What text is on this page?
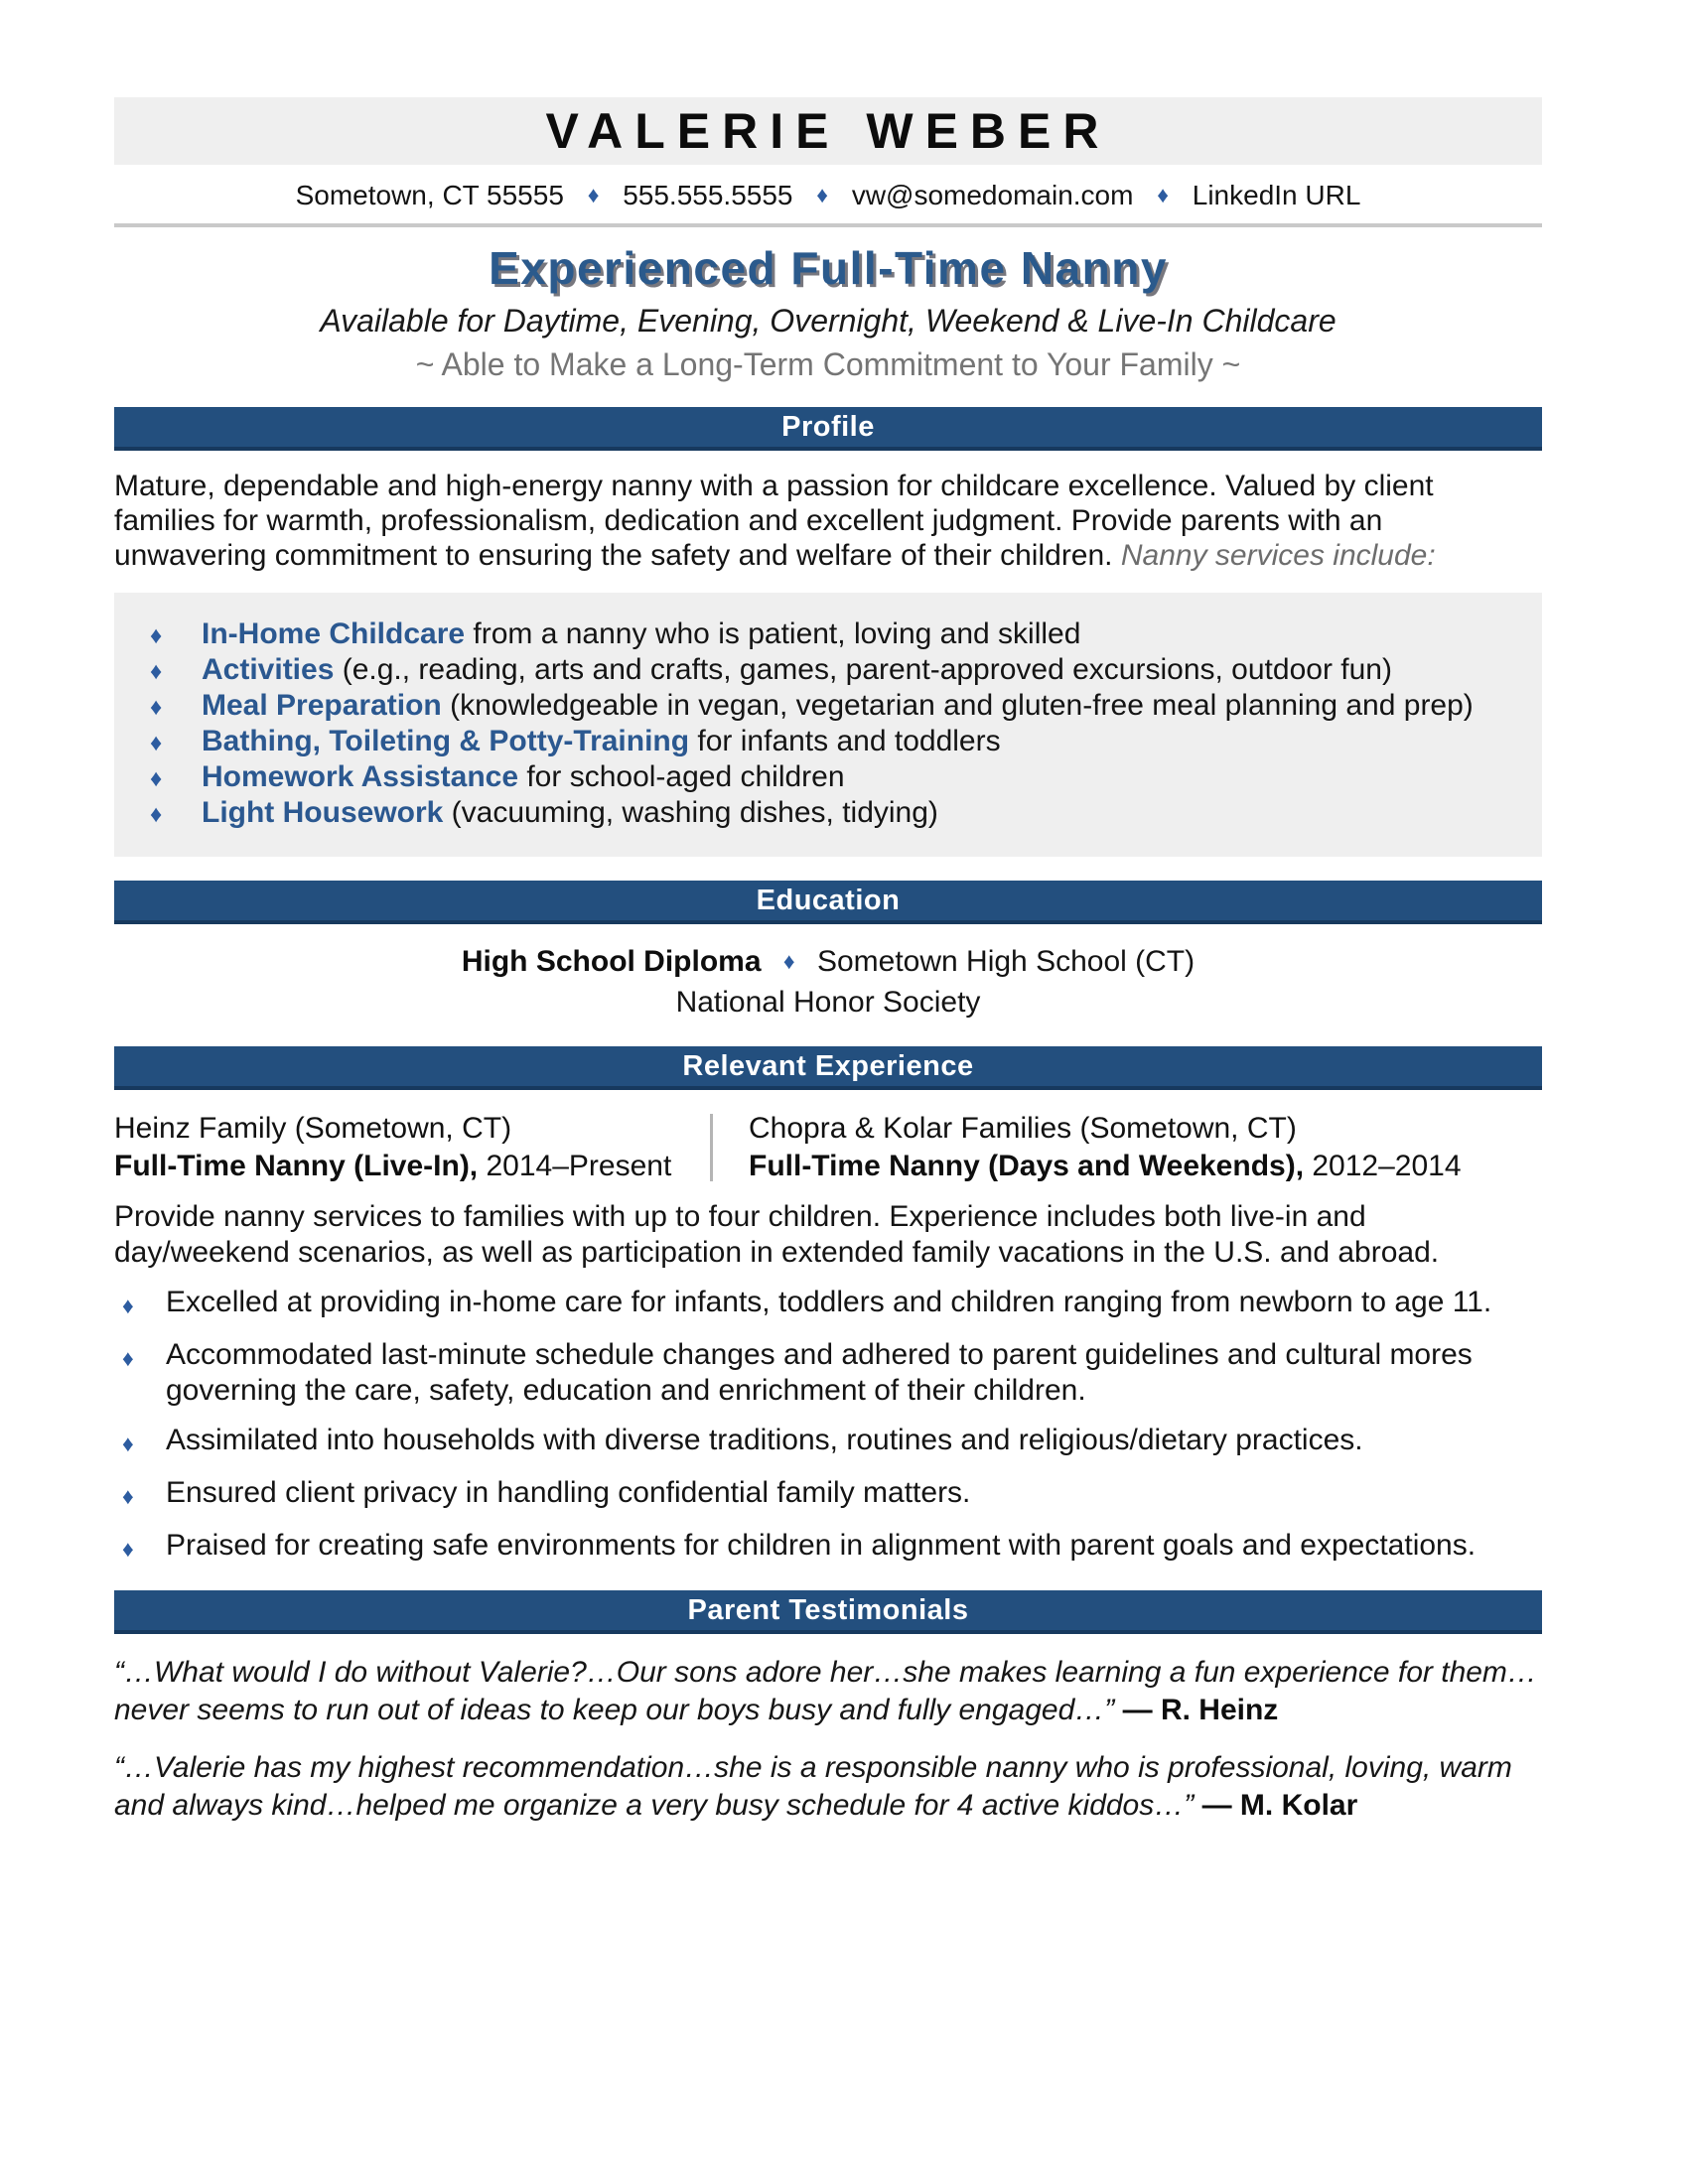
VALERIE WEBER
Sometown, CT 55555 ♦ 555.555.5555 ♦ vw@somedomain.com ♦ LinkedIn URL
Experienced Full-Time Nanny
Available for Daytime, Evening, Overnight, Weekend & Live-In Childcare
~ Able to Make a Long-Term Commitment to Your Family ~
Profile
Mature, dependable and high-energy nanny with a passion for childcare excellence. Valued by client families for warmth, professionalism, dedication and excellent judgment. Provide parents with an unwavering commitment to ensuring the safety and welfare of their children. Nanny services include:
♦	In-Home Childcare from a nanny who is patient, loving and skilled
♦	Activities (e.g., reading, arts and crafts, games, parent-approved excursions, outdoor fun)
♦	Meal Preparation (knowledgeable in vegan, vegetarian and gluten-free meal planning and prep)
♦	Bathing, Toileting & Potty-Training for infants and toddlers
♦	Homework Assistance for school-aged children
♦	Light Housework (vacuuming, washing dishes, tidying)
Education
High School Diploma ♦ Sometown High School (CT)
National Honor Society
Relevant Experience
Heinz Family (Sometown, CT)
Full-Time Nanny (Live-In), 2014–Present
Chopra & Kolar Families (Sometown, CT)
Full-Time Nanny (Days and Weekends), 2012–2014
Provide nanny services to families with up to four children. Experience includes both live-in and day/weekend scenarios, as well as participation in extended family vacations in the U.S. and abroad.
♦	Excelled at providing in-home care for infants, toddlers and children ranging from newborn to age 11.
♦	Accommodated last-minute schedule changes and adhered to parent guidelines and cultural mores governing the care, safety, education and enrichment of their children.
♦	Assimilated into households with diverse traditions, routines and religious/dietary practices.
♦	Ensured client privacy in handling confidential family matters.
♦	Praised for creating safe environments for children in alignment with parent goals and expectations.
Parent Testimonials
“…What would I do without Valerie?…Our sons adore her…she makes learning a fun experience for them…never seems to run out of ideas to keep our boys busy and fully engaged…” — R. Heinz
“…Valerie has my highest recommendation…she is a responsible nanny who is professional, loving, warm and always kind…helped me organize a very busy schedule for 4 active kiddos…” — M. Kolar
